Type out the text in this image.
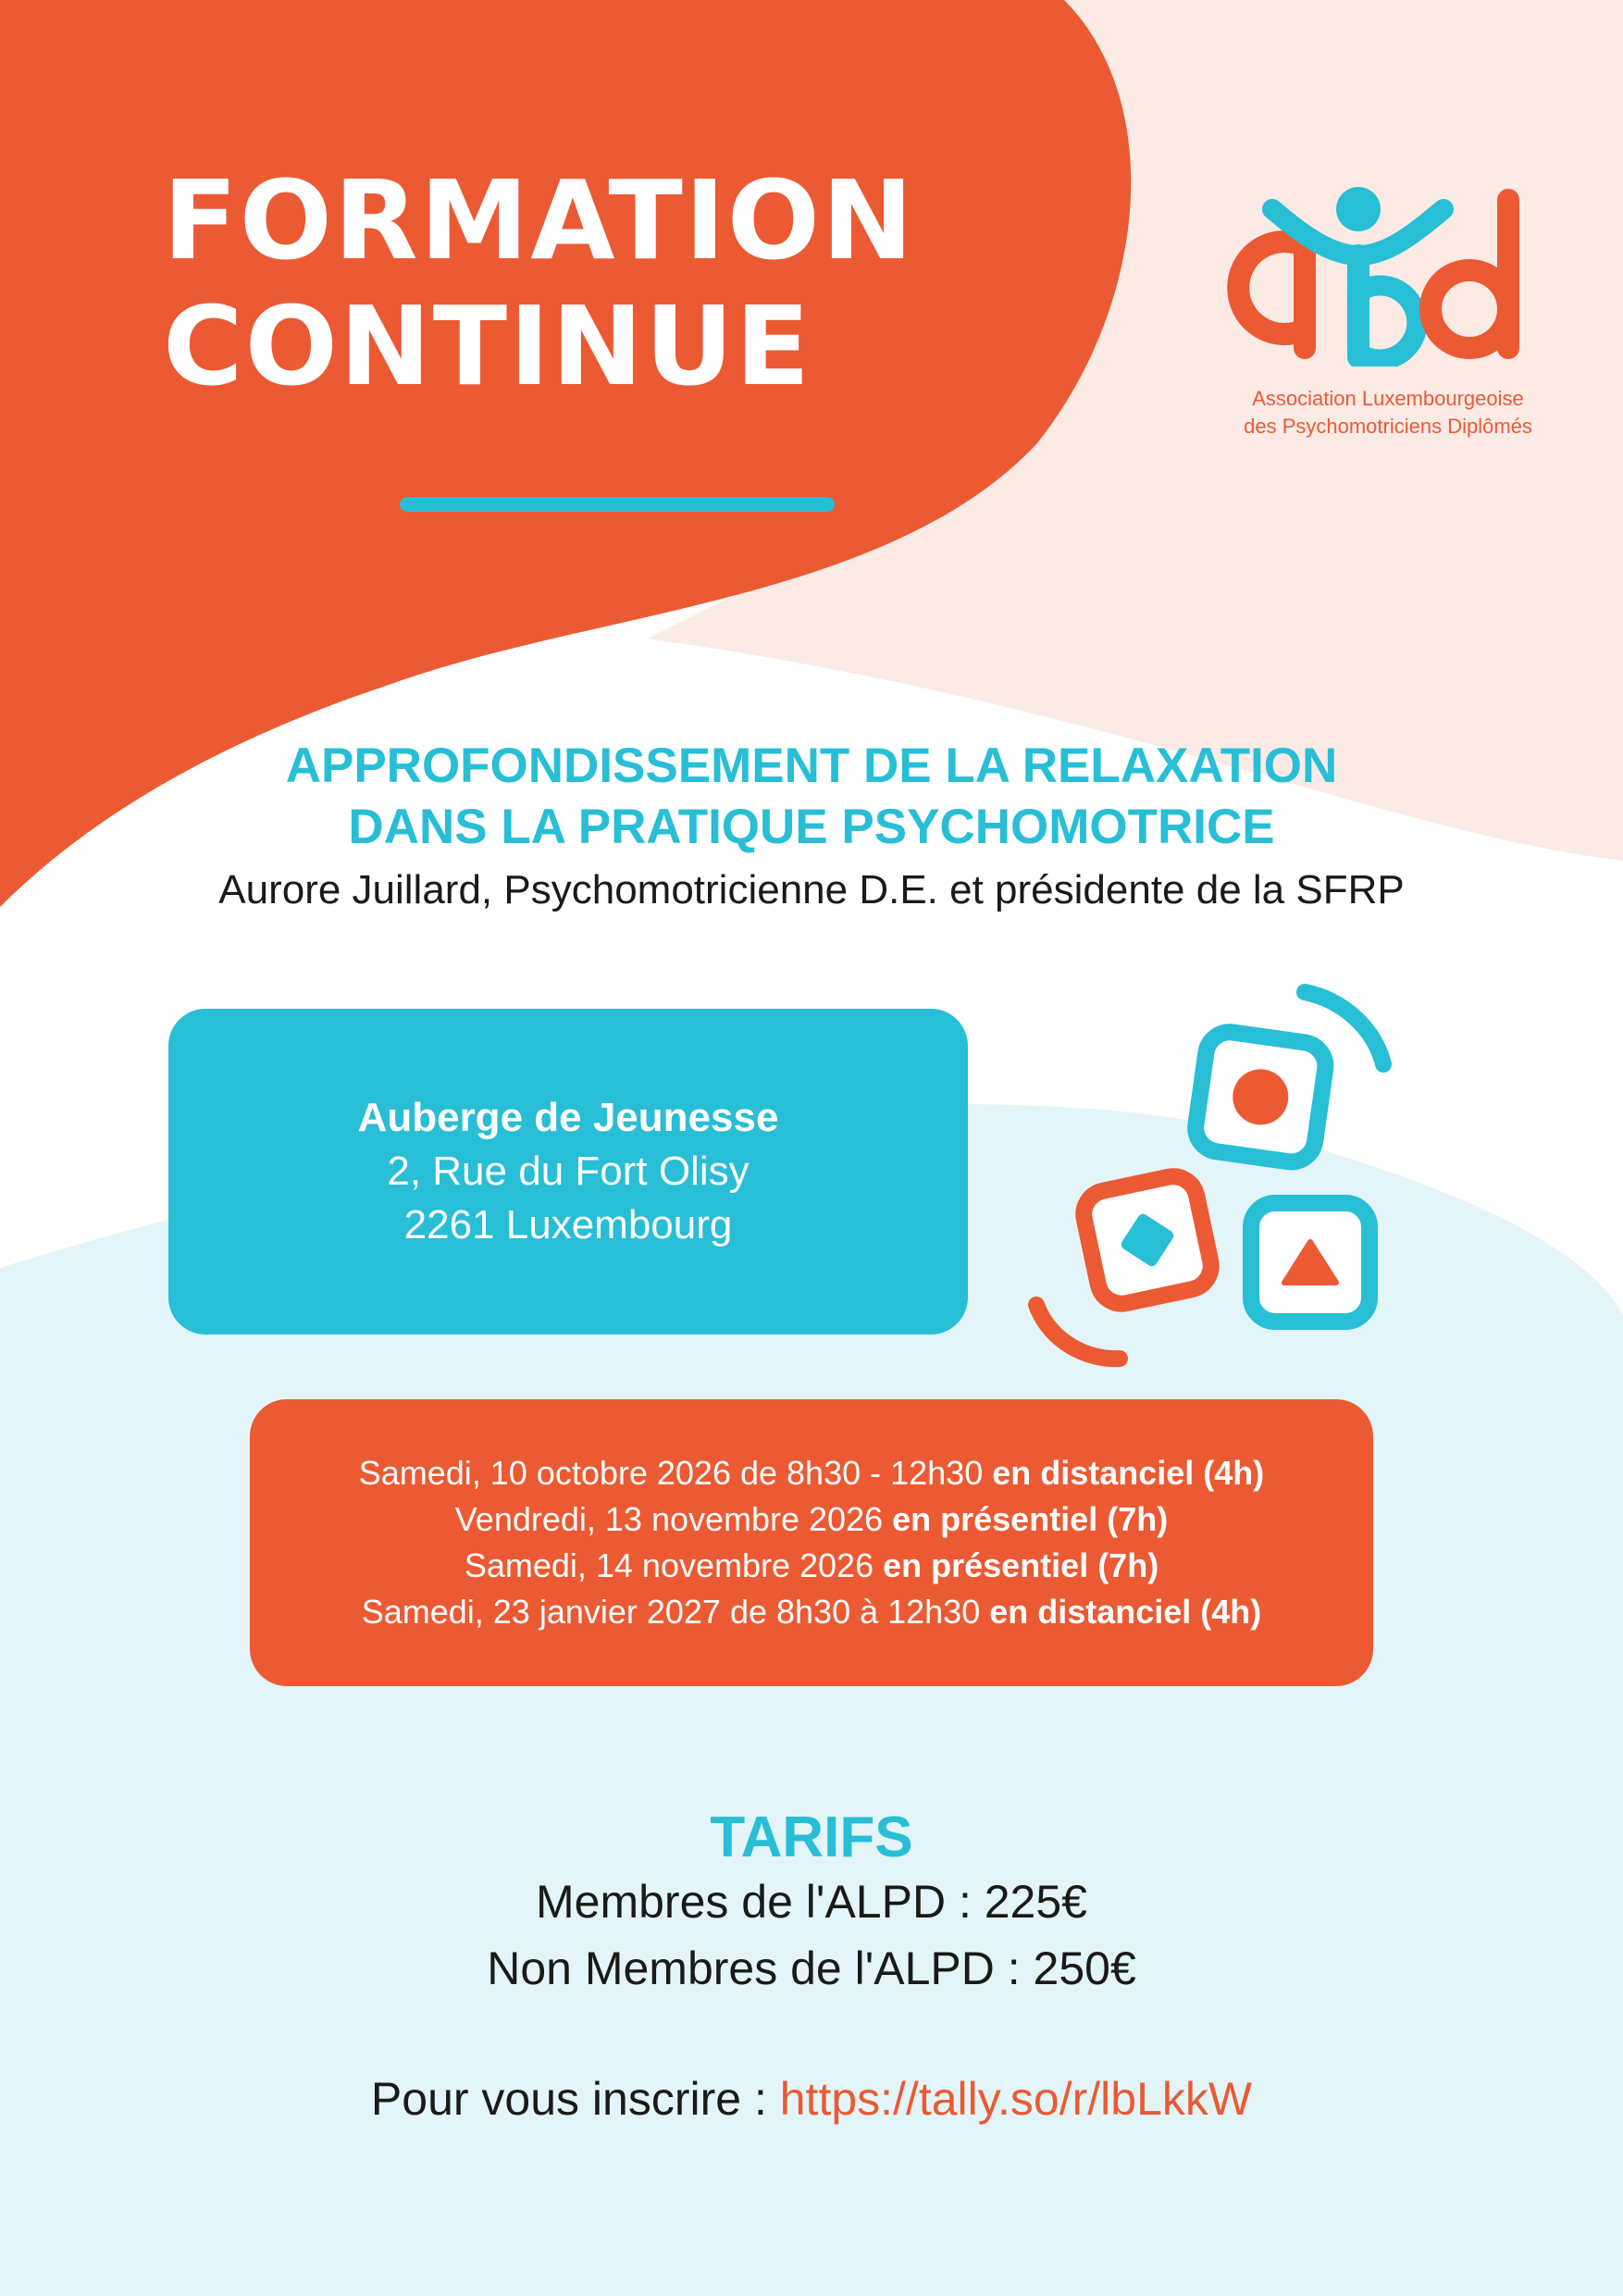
FORMATION
CONTINUE	Association Luxembourgeoise
des Psychomotriciens Diplômés
APPROFONDISSEMENT DE LA RELAXATION
DANS LA PRATIQUE PSYCHOMOTRICE
Aurore Juillard, Psychomotricienne D.E. et présidente de la SFRP
Auberge de Jeunesse
2, Rue du Fort Olisy
2261 Luxembourg
Samedi, 10 octobre 2026 de 8h30 - 12h30 en distanciel (4h)
Vendredi, 13 novembre 2026 en présentiel (7h)
Samedi, 14 novembre 2026 en présentiel (7h)
Samedi, 23 janvier 2027 de 8h30 à 12h30 en distanciel (4h)
TARIFS
Membres de l'ALPD : 225€
Non Membres de l'ALPD : 250€
Pour vous inscrire : https://tally.so/r/lbLkkW
